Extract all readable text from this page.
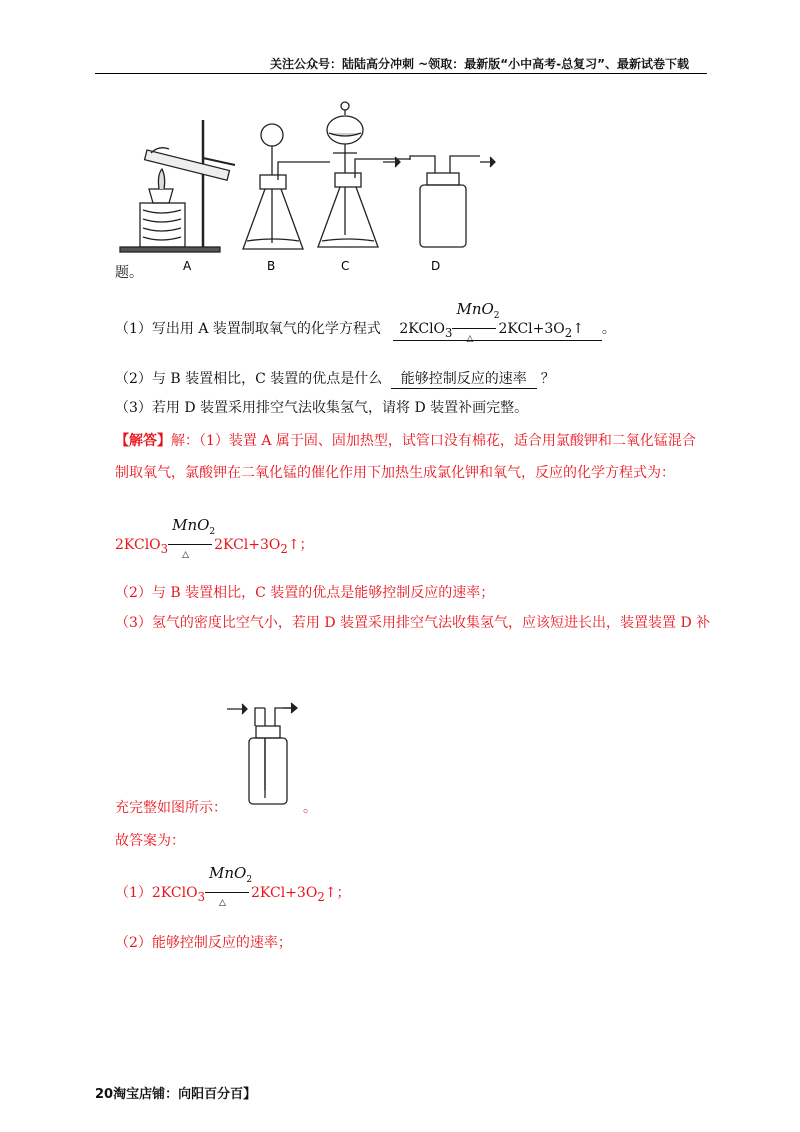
关注公众号：陆陆高分冲刺 ~领取：最新版“小中高考-总复习”、最新试卷下载
A	B	C	D
题。
（1）写出用 A 装置制取氧气的化学方程式 2KClO$_3$ $\frac{MnO_2}{\triangle}$ $2KCl+3O_2↑$ 。
（2）与 B 装置相比，C 装置的优点是什么 能够控制反应的速率 ？
（3）若用 D 装置采用排空气法收集氢气，请将 D 装置补画完整。
【解答】解：（1）装置 A 属于固、固加热型，试管口没有棉花，适合用氯酸钾和二氧化锰混合
制取氧气，氯酸钾在二氧化锰的催化作用下加热生成氯化钾和氧气，反应的化学方程式为：
2KClO$_3$ $\frac{MnO_2}{\triangle}$ $2KCl+3O_2↑$；
（2）与 B 装置相比，C 装置的优点是能够控制反应的速率；
（3）氢气的密度比空气小，若用 D 装置采用排空气法收集氢气，应该短进长出，装置装置 D 补
充完整如图所示：	。
故答案为：
（1）2KClO$_3$ $\frac{MnO_2}{\triangle}$ $2KCl+3O_2↑$；
（2）能够控制反应的速率；
20淘宝店铺：向阳百分百】
